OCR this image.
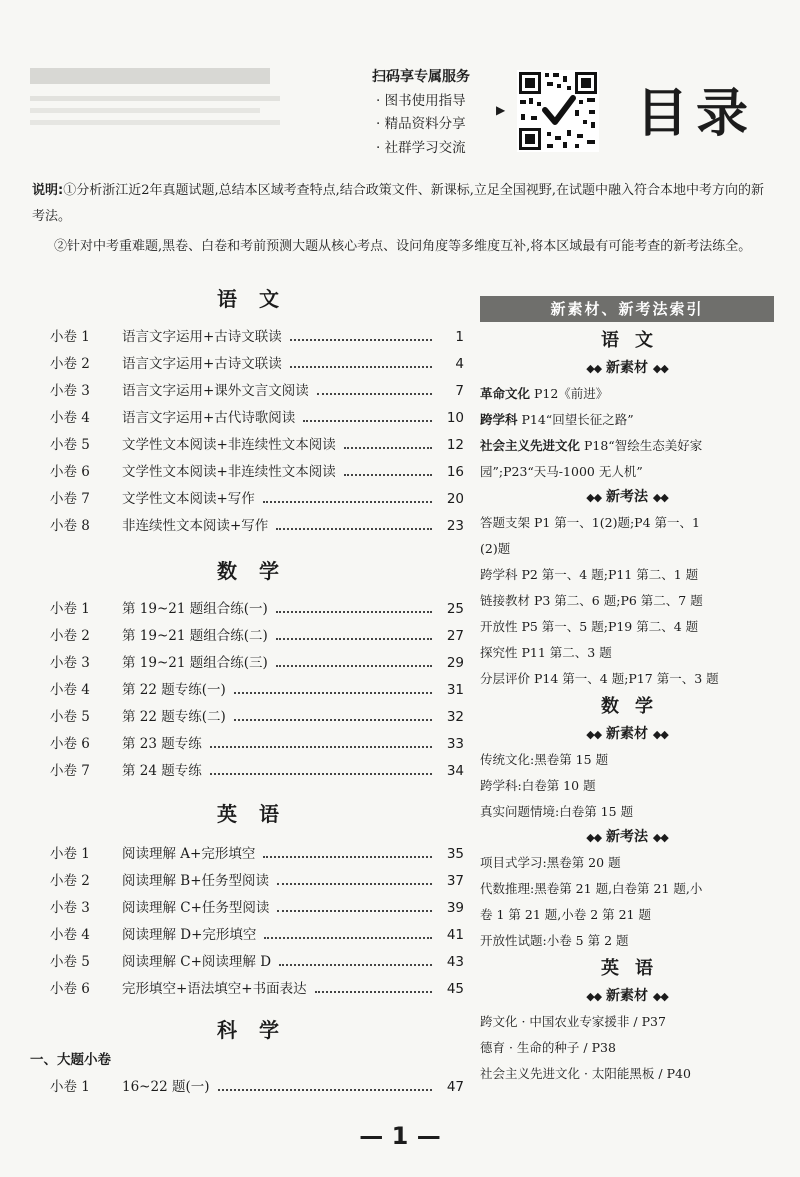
扫码享专属服务
· 图书使用指导
· 精品资料分享
· 社群学习交流
▶	目录

说明:①分析浙江近2年真题试题,总结本区域考查特点,结合政策文件、新课标,立足全国视野,在试题中融入符合本地中考方向的新考法。

②针对中考重难题,黑卷、白卷和考前预测大题从核心考点、设问角度等多维度互补,将本区域最有可能考查的新考法练全。

语文
小卷 1	语言文字运用+古诗文联读	1
小卷 2	语言文字运用+古诗文联读	4
小卷 3	语言文字运用+课外文言文阅读	7
小卷 4	语言文字运用+古代诗歌阅读	10
小卷 5	文学性文本阅读+非连续性文本阅读	12
小卷 6	文学性文本阅读+非连续性文本阅读	16
小卷 7	文学性文本阅读+写作	20
小卷 8	非连续性文本阅读+写作	23
数学
小卷 1	第 19~21 题组合练(一)	25
小卷 2	第 19~21 题组合练(二)	27
小卷 3	第 19~21 题组合练(三)	29
小卷 4	第 22 题专练(一)	31
小卷 5	第 22 题专练(二)	32
小卷 6	第 23 题专练	33
小卷 7	第 24 题专练	34
英语
小卷 1	阅读理解 A+完形填空	35
小卷 2	阅读理解 B+任务型阅读	37
小卷 3	阅读理解 C+任务型阅读	39
小卷 4	阅读理解 D+完形填空	41
小卷 5	阅读理解 C+阅读理解 D	43
小卷 6	完形填空+语法填空+书面表达	45
科学
一、大题小卷
小卷 1	16~22 题(一)	47
新素材、新考法索引
语文
◆◆ 新素材 ◆◆
革命文化 P12《前进》
跨学科 P14“回望长征之路”
社会主义先进文化 P18“智绘生态美好家
园”;P23“天马-1000 无人机”
◆◆ 新考法 ◆◆
答题支架 P1 第一、1(2)题;P4 第一、1
(2)题
跨学科 P2 第一、4 题;P11 第二、1 题
链接教材 P3 第二、6 题;P6 第二、7 题
开放性 P5 第一、5 题;P19 第二、4 题
探究性 P11 第二、3 题
分层评价 P14 第一、4 题;P17 第一、3 题
数学
◆◆ 新素材 ◆◆
传统文化:黑卷第 15 题
跨学科:白卷第 10 题
真实问题情境:白卷第 15 题
◆◆ 新考法 ◆◆
项目式学习:黑卷第 20 题
代数推理:黑卷第 21 题,白卷第 21 题,小
卷 1 第 21 题,小卷 2 第 21 题
开放性试题:小卷 5 第 2 题
英语
◆◆ 新素材 ◆◆
跨文化 · 中国农业专家援非 / P37
德育 · 生命的种子 / P38
社会主义先进文化 · 太阳能黑板 / P40
— 1 —
